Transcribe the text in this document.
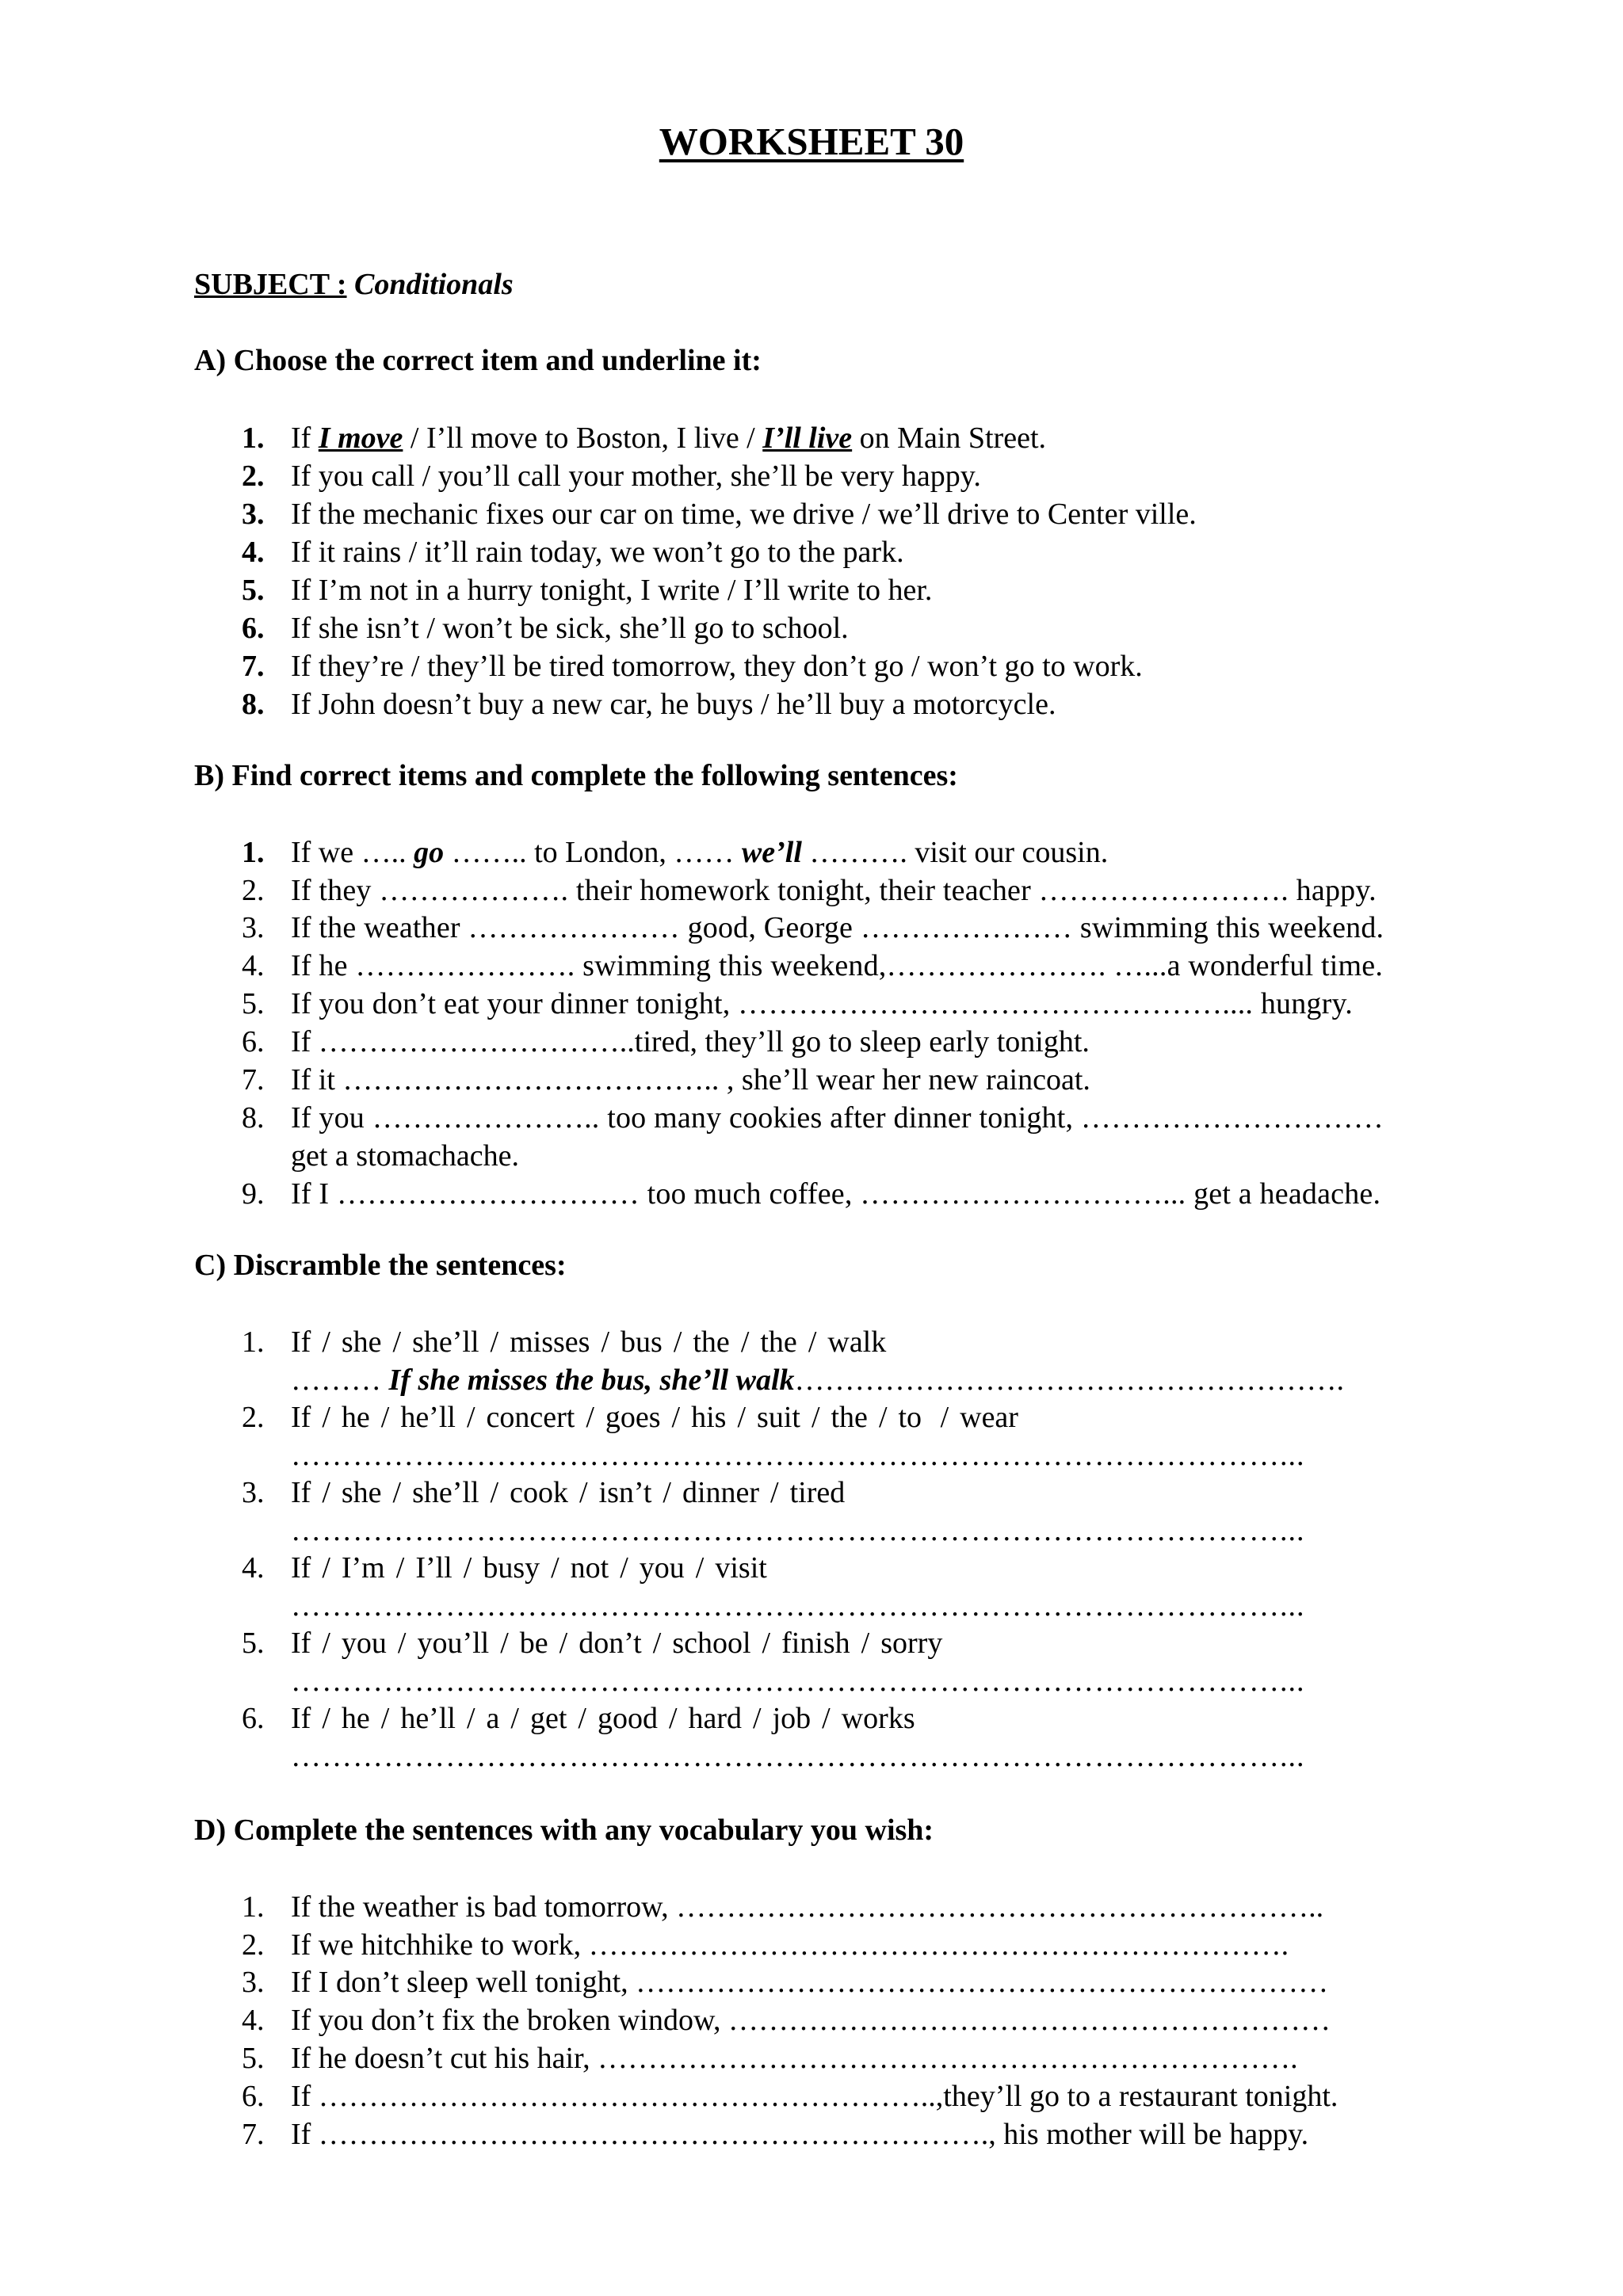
WORKSHEET 30
SUBJECT : Conditionals
A) Choose the correct item and underline it:
1. If I move / I’ll move to Boston, I live / I’ll live on Main Street.
2. If you call / you’ll call your mother, she’ll be very happy.
3. If the mechanic fixes our car on time, we drive / we’ll drive to Center ville.
4. If it rains / it’ll rain today, we won’t go to the park.
5. If I’m not in a hurry tonight, I write / I’ll write to her.
6. If she isn’t / won’t be sick, she’ll go to school.
7. If they’re / they’ll be tired tomorrow, they don’t go / won’t go to work.
8. If John doesn’t buy a new car, he buys / he’ll buy a motorcycle.
B) Find correct items and complete the following sentences:
1. If we ….. go …….. to London, …… we’ll ………. visit our cousin.
2. If they ………………. their homework tonight, their teacher ……………………. happy.
3. If the weather ………………… good, George ………………… swimming this weekend.
4. If he …………………. swimming this weekend,…………………. …...a wonderful time.
5. If you don’t eat your dinner tonight, ………………………………………….... hungry.
6. If …………………………..tired, they’ll go to sleep early tonight.
7. If it ……………………………….. , she’ll wear her new raincoat.
8. If you ………………….. too many cookies after dinner tonight, …………………………
get a stomachache.
9. If I ………………………… too much coffee, …………………………... get a headache.
C) Discramble the sentences:
1. If / she / she’ll / misses / bus / the / the / walk
……… If she misses the bus, she’ll walk……………………………………………….
2. If / he / he’ll / concert / goes / his / suit / the / to / wear
……………………………………………………………………………………...
3. If / she / she’ll / cook / isn’t / dinner / tired
……………………………………………………………………………………...
4. If / I’m / I’ll / busy / not / you / visit
……………………………………………………………………………………...
5. If / you / you’ll / be / don’t / school / finish / sorry
……………………………………………………………………………………...
6. If / he / he’ll / a / get / good / hard / job / works
……………………………………………………………………………………...
D) Complete the sentences with any vocabulary you wish:
1. If the weather is bad tomorrow, ………………………………………………………..
2. If we hitchhike to work, …………………………………………………………….
3. If I don’t sleep well tonight, ……………………………………………………………
4. If you don’t fix the broken window, ……………………………………………………
5. If he doesn’t cut his hair, …………………………………………………………….
6. If ……………………………………………………..,they’ll go to a restaurant tonight.
7. If …………………………………………………………., his mother will be happy.
